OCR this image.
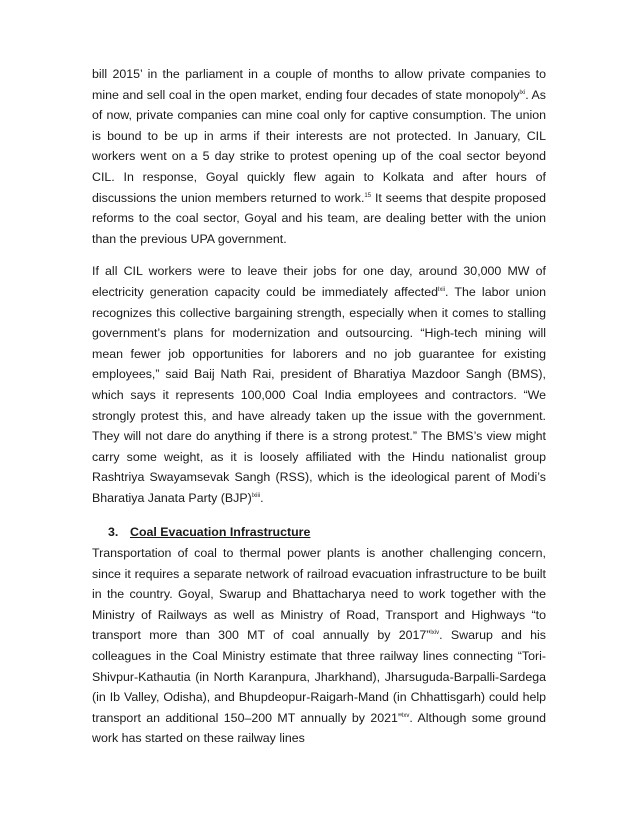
bill 2015’ in the parliament in a couple of months to allow private companies to mine and sell coal in the open market, ending four decades of state monopoly$^{lxi}$. As of now, private companies can mine coal only for captive consumption. The union is bound to be up in arms if their interests are not protected. In January, CIL workers went on a 5 day strike to protest opening up of the coal sector beyond CIL. In response, Goyal quickly flew again to Kolkata and after hours of discussions the union members returned to work.$^{15}$ It seems that despite proposed reforms to the coal sector, Goyal and his team, are dealing better with the union than the previous UPA government.

If all CIL workers were to leave their jobs for one day, around 30,000 MW of electricity generation capacity could be immediately affected$^{lxii}$. The labor union recognizes this collective bargaining strength, especially when it comes to stalling government’s plans for modernization and outsourcing. “High-tech mining will mean fewer job opportunities for laborers and no job guarantee for existing employees,” said Baij Nath Rai, president of Bharatiya Mazdoor Sangh (BMS), which says it represents 100,000 Coal India employees and contractors. “We strongly protest this, and have already taken up the issue with the government. They will not dare do anything if there is a strong protest.” The BMS’s view might carry some weight, as it is loosely affiliated with the Hindu nationalist group Rashtriya Swayamsevak Sangh (RSS), which is the ideological parent of Modi’s Bharatiya Janata Party (BJP)$^{lxiii}$.

3. Coal Evacuation Infrastructure

Transportation of coal to thermal power plants is another challenging concern, since it requires a separate network of railroad evacuation infrastructure to be built in the country. Goyal, Swarup and Bhattacharya need to work together with the Ministry of Railways as well as Ministry of Road, Transport and Highways “to transport more than 300 MT of coal annually by 2017”$^{lxiv}$. Swarup and his colleagues in the Coal Ministry estimate that three railway lines connecting “Tori-Shivpur-Kathautia (in North Karanpura, Jharkhand), Jharsuguda-Barpalli-Sardega (in Ib Valley, Odisha), and Bhupdeopur-Raigarh-Mand (in Chhattisgarh) could help transport an additional 150–200 MT annually by 2021”$^{lxv}$. Although some ground work has started on these railway lines
